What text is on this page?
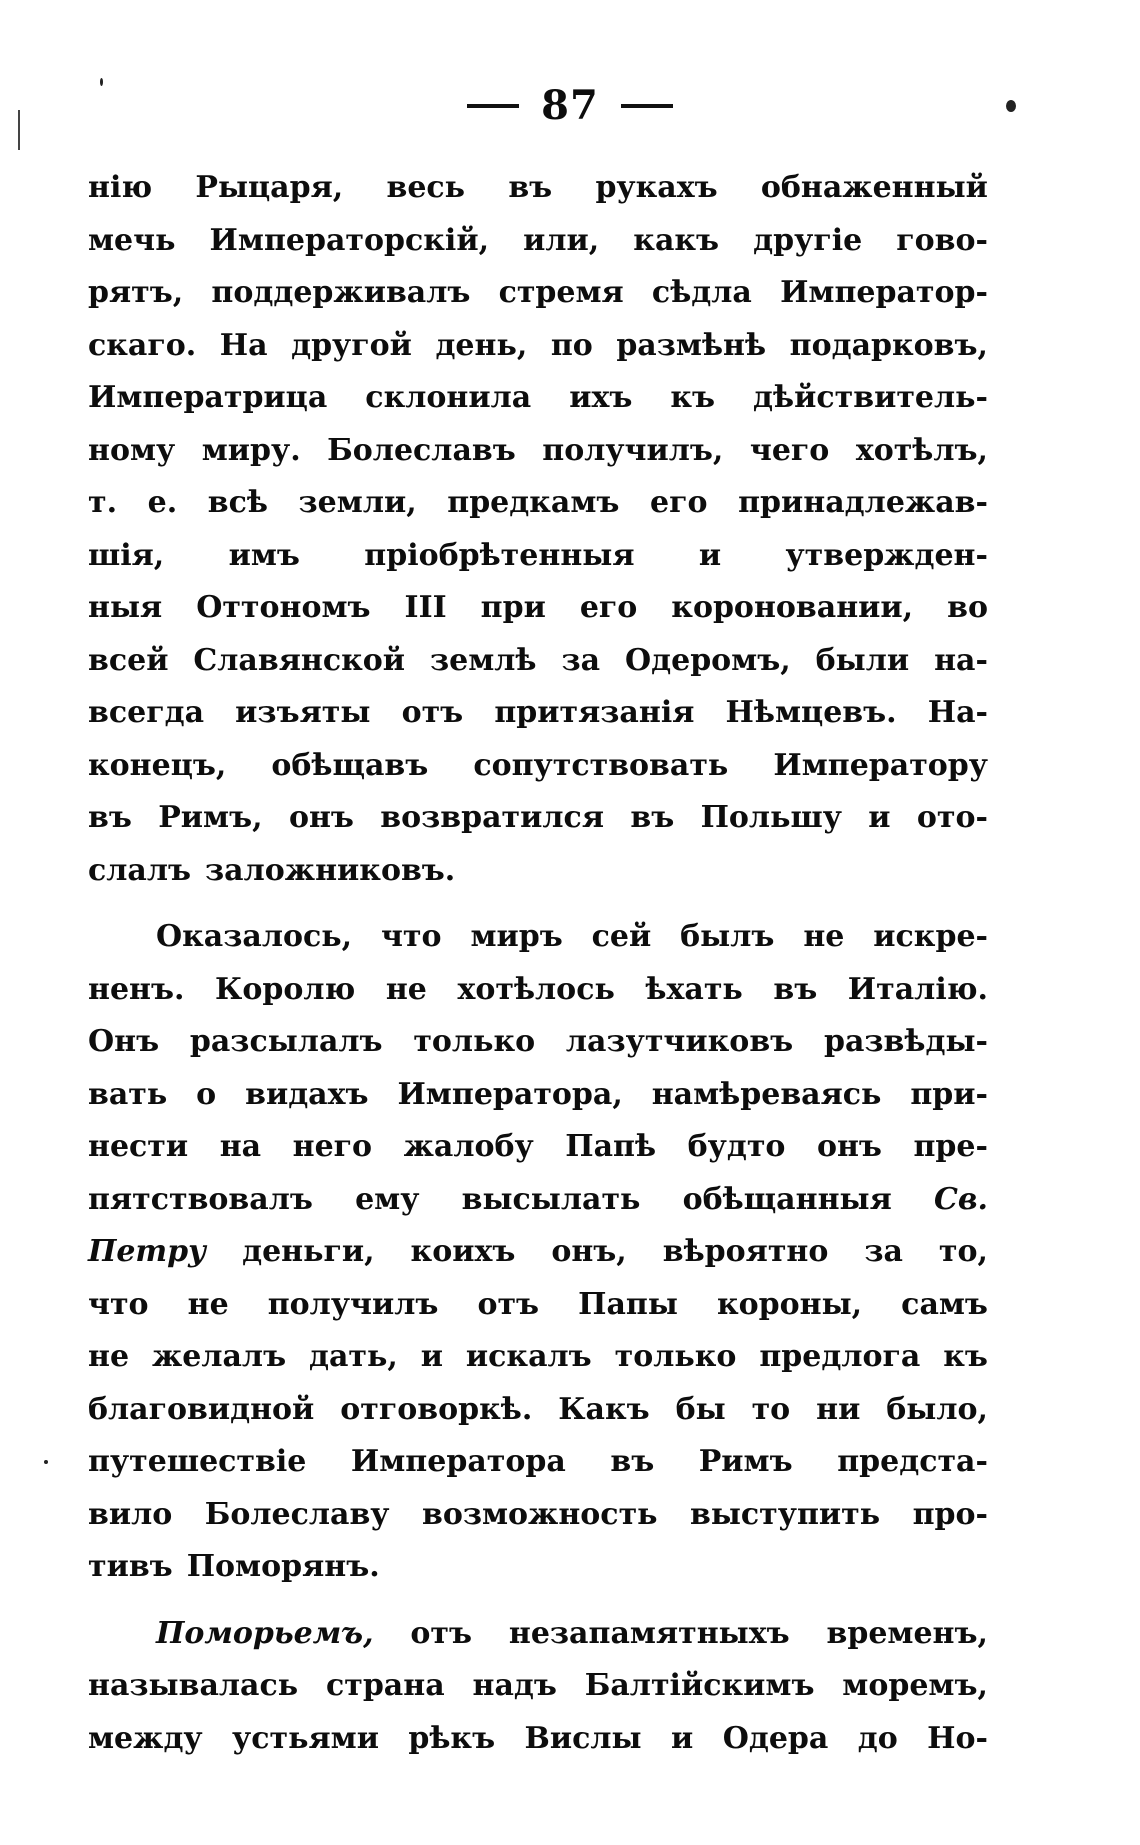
87
нію Рыцаря, весь въ рукахъ обнаженный
мечь Императорскій, или, какъ другіе гово-
рятъ, поддерживалъ стремя сѣдла Император-
скаго. На другой день, по размѣнѣ подарковъ,
Императрица склонила ихъ къ дѣйствитель-
ному миру. Болеславъ получилъ, чего хотѣлъ,
т. е. всѣ земли, предкамъ его принадлежав-
шія, имъ пріобрѣтенныя и утвержден-
ныя Оттономъ III при его короновании, во
всей Славянской землѣ за Одеромъ, были на-
всегда изъяты отъ притязанія Нѣмцевъ. На-
конецъ, обѣщавъ сопутствовать Императору
въ Римъ, онъ возвратился въ Польшу и ото-
слалъ заложниковъ.
Оказалось, что миръ сей былъ не искре-
ненъ. Королю не хотѣлось ѣхать въ Италію.
Онъ разсылалъ только лазутчиковъ развѣды-
вать о видахъ Императора, намѣреваясь при-
нести на него жалобу Папѣ будто онъ пре-
пятствовалъ ему высылать обѣщанныя Св.
Петру деньги, коихъ онъ, вѣроятно за то,
что не получилъ отъ Папы короны, самъ
не желалъ дать, и искалъ только предлога къ
благовидной отговоркѣ. Какъ бы то ни было,
путешествіе Императора въ Римъ предста-
вило Болеславу возможность выступить про-
тивъ Поморянъ.
Поморьемъ, отъ незапамятныхъ временъ,
называлась страна надъ Балтійскимъ моремъ,
между устьями рѣкъ Вислы и Одера до Но-
